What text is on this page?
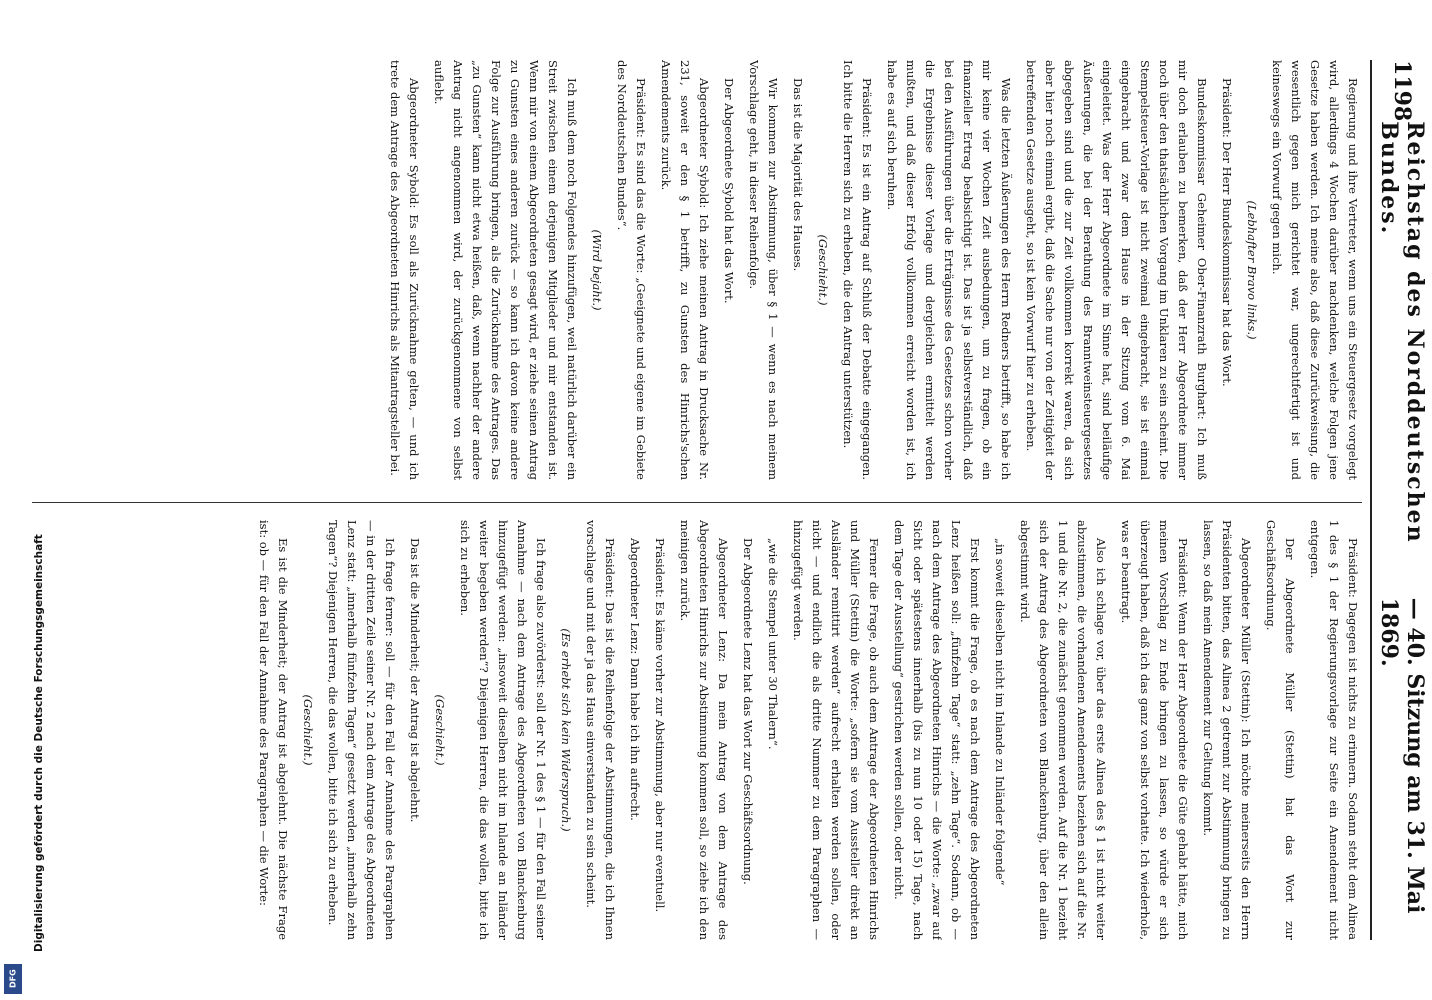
1198
Reichstag des Norddeutschen Bundes.
— 40. Sitzung am 31. Mai 1869.

Regierung und ihre Vertreter, wenn uns ein Steuergesetz vorgelegt wird, allerdings 4 Wochen darüber nachdenken, welche Folgen jene Gesetze haben werden. Ich meine also, daß diese Zurückweisung, die wesentlich gegen mich gerichtet war, ungerechtfertigt ist und keineswegs ein Vorwurf gegen mich.

(Lebhafter Bravo links.)

Präsident: Der Herr Bundeskommissar hat das Wort.

Bundeskommissar Geheimer Ober-Finanzrath Burghart: Ich muß mir doch erlauben zu bemerken, daß der Herr Abgeordnete immer noch über den thatsächlichen Vorgang im Unklaren zu sein scheint. Die Stempelsteuer-Vorlage ist nicht zweimal eingebracht, sie ist einmal eingebracht und zwar dem Hause in der Sitzung vom 6. Mai eingeleitet. Was der Herr Abgeordnete im Sinne hat, sind beiläufige Äußerungen, die bei der Berathung des Branntweinsteuergesetzes abgegeben sind und die zur Zeit vollkommen korrekt waren, da sich aber hier noch einmal ergibt, daß die Sache nur von der Zeitigkeit der betreffenden Gesetze ausgeht, so ist kein Vorwurf hier zu erheben.

Was die letzten Äußerungen des Herrn Redners betrifft, so habe ich mir keine vier Wochen Zeit ausbedungen, um zu fragen, ob ein finanzieller Ertrag beabsichtigt ist. Das ist ja selbstverständlich, daß bei den Ausführungen über die Erträgnisse des Gesetzes schon vorher die Ergebnisse dieser Vorlage und dergleichen ermittelt werden mußten, und daß dieser Erfolg vollkommen erreicht worden ist, ich habe es auf sich beruhen.

Präsident: Es ist ein Antrag auf Schluß der Debatte eingegangen. Ich bitte die Herren sich zu erheben, die den Antrag unterstützen.

(Geschieht.)

Das ist die Majorität des Hauses.

Wir kommen zur Abstimmung, über § 1 — wenn es nach meinem Vorschlage geht, in dieser Reihenfolge.

Der Abgeordnete Sybold hat das Wort.

Abgeordneter Sybold: Ich ziehe meinen Antrag in Drucksache Nr. 231, soweit er den § 1 betrifft, zu Gunsten des Hinrichs'schen Amendements zurück.

Präsident: Es sind das die Worte: „Geeignete und eigene im Gebiete des Norddeutschen Bundes“.

(Wird bejaht.)

Ich muß dem noch Folgendes hinzufügen, weil natürlich darüber ein Streit zwischen einem derjenigen Mitglieder und mir entstanden ist. Wenn mir von einem Abgeordneten gesagt wird, er ziehe seinen Antrag zu Gunsten eines anderen zurück — so kann ich davon keine andere Folge zur Ausführung bringen, als die Zurücknahme des Antrages. Das „zu Gunsten“ kann nicht etwa heißen, daß, wenn nachher der andere Antrag nicht angenommen wird, der zurückgenommene von selbst auflebt.

Abgeordneter Sybold: Es soll als Zurücknahme gelten, — und ich trete dem Antrage des Abgeordneten Hinrichs als Mitantragsteller bei.

Präsident: Dagegen ist nichts zu erinnern. Sodann steht dem Alinea 1 des § 1 der Regierungsvorlage zur Seite ein Amendement nicht entgegen.

Der Abgeordnete Müller (Stettin) hat das Wort zur Geschäftsordnung.

Abgeordneter Müller (Stettin): Ich möchte meinerseits den Herrn Präsidenten bitten, das Alinea 2 getrennt zur Abstimmung bringen zu lassen, so daß mein Amendement zur Geltung kommt.

Präsident: Wenn der Herr Abgeordnete die Güte gehabt hätte, mich meinen Vorschlag zu Ende bringen zu lassen, so würde er sich überzeugt haben, daß ich das ganz von selbst vorhatte. Ich wiederhole, was er beantragt.

Also ich schlage vor, über das erste Alinea des § 1 ist nicht weiter abzustimmen, die vorhandenen Amendements beziehen sich auf die Nr. 1 und die Nr. 2, die zunächst genommen werden. Auf die Nr. 1 bezieht sich der Antrag des Abgeordneten von Blanckenburg, über den allein abgestimmt wird.

„in soweit dieselben nicht im Inlande zu Inländer folgende“

Erst kommt die Frage, ob es nach dem Antrage des Abgeordneten Lenz heißen soll: „fünfzehn Tage“ statt: „zehn Tage“. Sodann, ob — nach dem Antrage des Abgeordneten Hinrichs — die Worte: „zwar auf Sicht oder spätestens innerhalb (bis zu nun 10 oder 15) Tage, nach dem Tage der Ausstellung“ gestrichen werden sollen, oder nicht.

Ferner die Frage, ob auch dem Antrage der Abgeordneten Hinrichs und Müller (Stettin) die Worte: „sofern sie vom Aussteller direkt an Ausländer remittirt werden“ aufrecht erhalten werden sollen, oder nicht — und endlich die als dritte Nummer zu dem Paragraphen — hinzugefügt werden.

„wie die Stempel unter 30 Thalern“.

Der Abgeordnete Lenz hat das Wort zur Geschäftsordnung.

Abgeordneter Lenz: Da mein Antrag von dem Antrage des Abgeordneten Hinrichs zur Abstimmung kommen soll, so ziehe ich den meinigen zurück.

Präsident: Es käme vorher zur Abstimmung, aber nur eventuell.

Abgeordneter Lenz: Dann habe ich ihn aufrecht.

Präsident: Das ist die Reihenfolge der Abstimmungen, die ich Ihnen vorschlage und mit der ja das Haus einverstanden zu sein scheint.

(Es erhebt sich kein Widerspruch.)

Ich frage also zuvörderst: soll der Nr. 1 des § 1 — für den Fall seiner Annahme — nach dem Antrage des Abgeordneten von Blanckenburg hinzugefügt werden: „insoweit dieselben nicht im Inlande an Inländer weiter begeben werden“? Diejenigen Herren, die das wollen, bitte ich sich zu erheben.

(Geschieht.)

Das ist die Minderheit; der Antrag ist abgelehnt.

Ich frage ferner: soll — für den Fall der Annahme des Paragraphen — in der dritten Zeile seiner Nr. 2 nach dem Antrage des Abgeordneten Lenz statt: „innerhalb fünfzehn Tagen“ gesetzt werden „innerhalb zehn Tagen“? Diejenigen Herren, die das wollen, bitte ich sich zu erheben.

(Geschieht.)

Es ist die Minderheit; der Antrag ist abgelehnt. Die nächste Frage ist: ob — für den Fall der Annahme des Paragraphen — die Worte:

Digitalisierung gefördert durch die Deutsche Forschungsgemeinschaft
DFG
